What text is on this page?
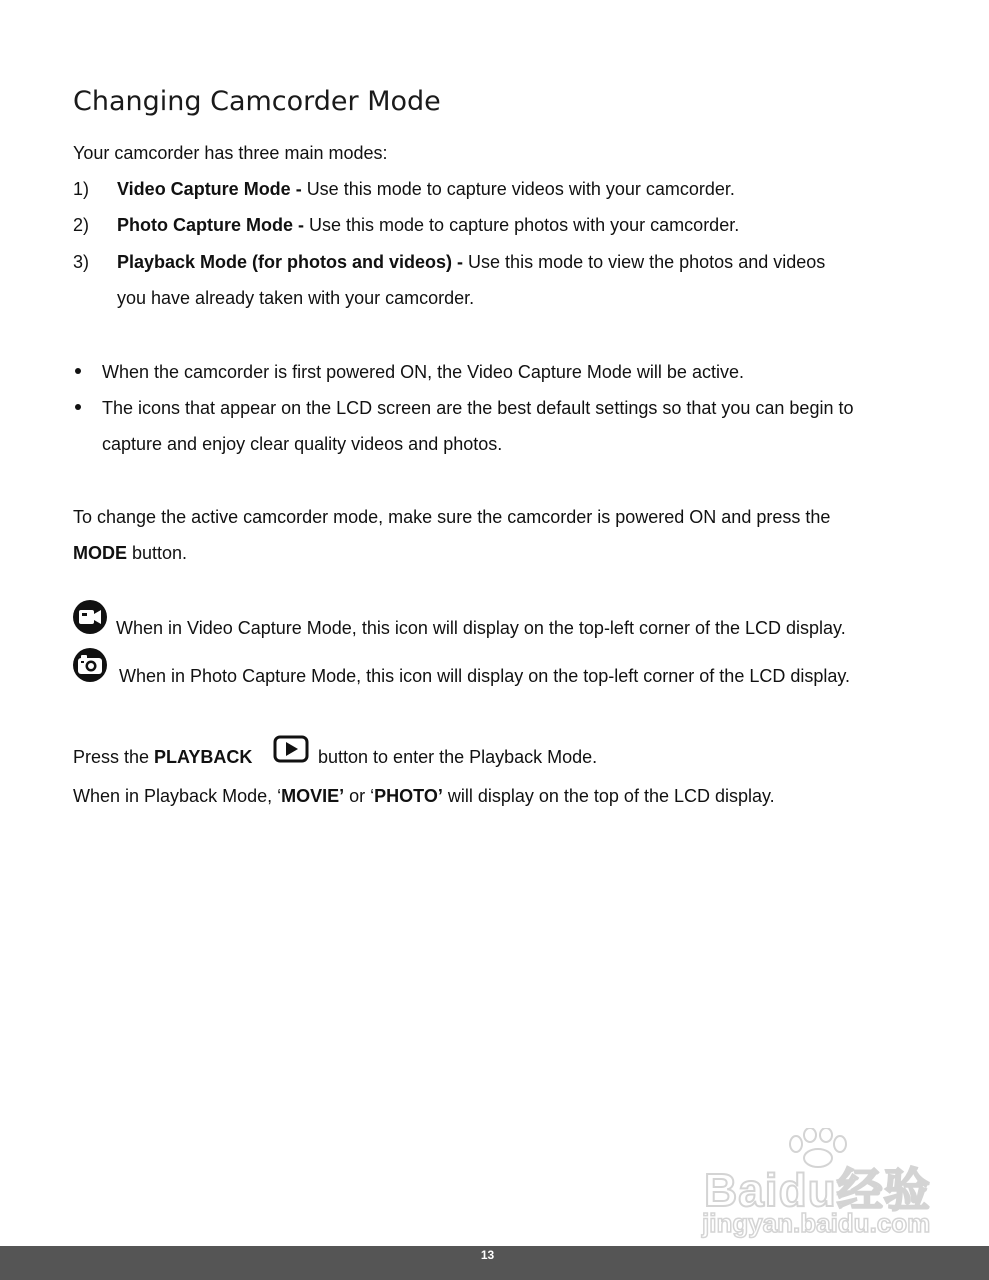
Changing Camcorder Mode
Your camcorder has three main modes:
1) Video Capture Mode - Use this mode to capture videos with your camcorder.
2) Photo Capture Mode - Use this mode to capture photos with your camcorder.
3) Playback Mode (for photos and videos) - Use this mode to view the photos and videos
you have already taken with your camcorder.
When the camcorder is first powered ON, the Video Capture Mode will be active.
The icons that appear on the LCD screen are the best default settings so that you can begin to
capture and enjoy clear quality videos and photos.
To change the active camcorder mode, make sure the camcorder is powered ON and press the
MODE button.
When in Video Capture Mode, this icon will display on the top-left corner of the LCD display.
When in Photo Capture Mode, this icon will display on the top-left corner of the LCD display.
Press the PLAYBACK	button to enter the Playback Mode.
When in Playback Mode, ‘MOVIE’ or ‘PHOTO’ will display on the top of the LCD display.
Baidu经验
jingyan.baidu.com
13
